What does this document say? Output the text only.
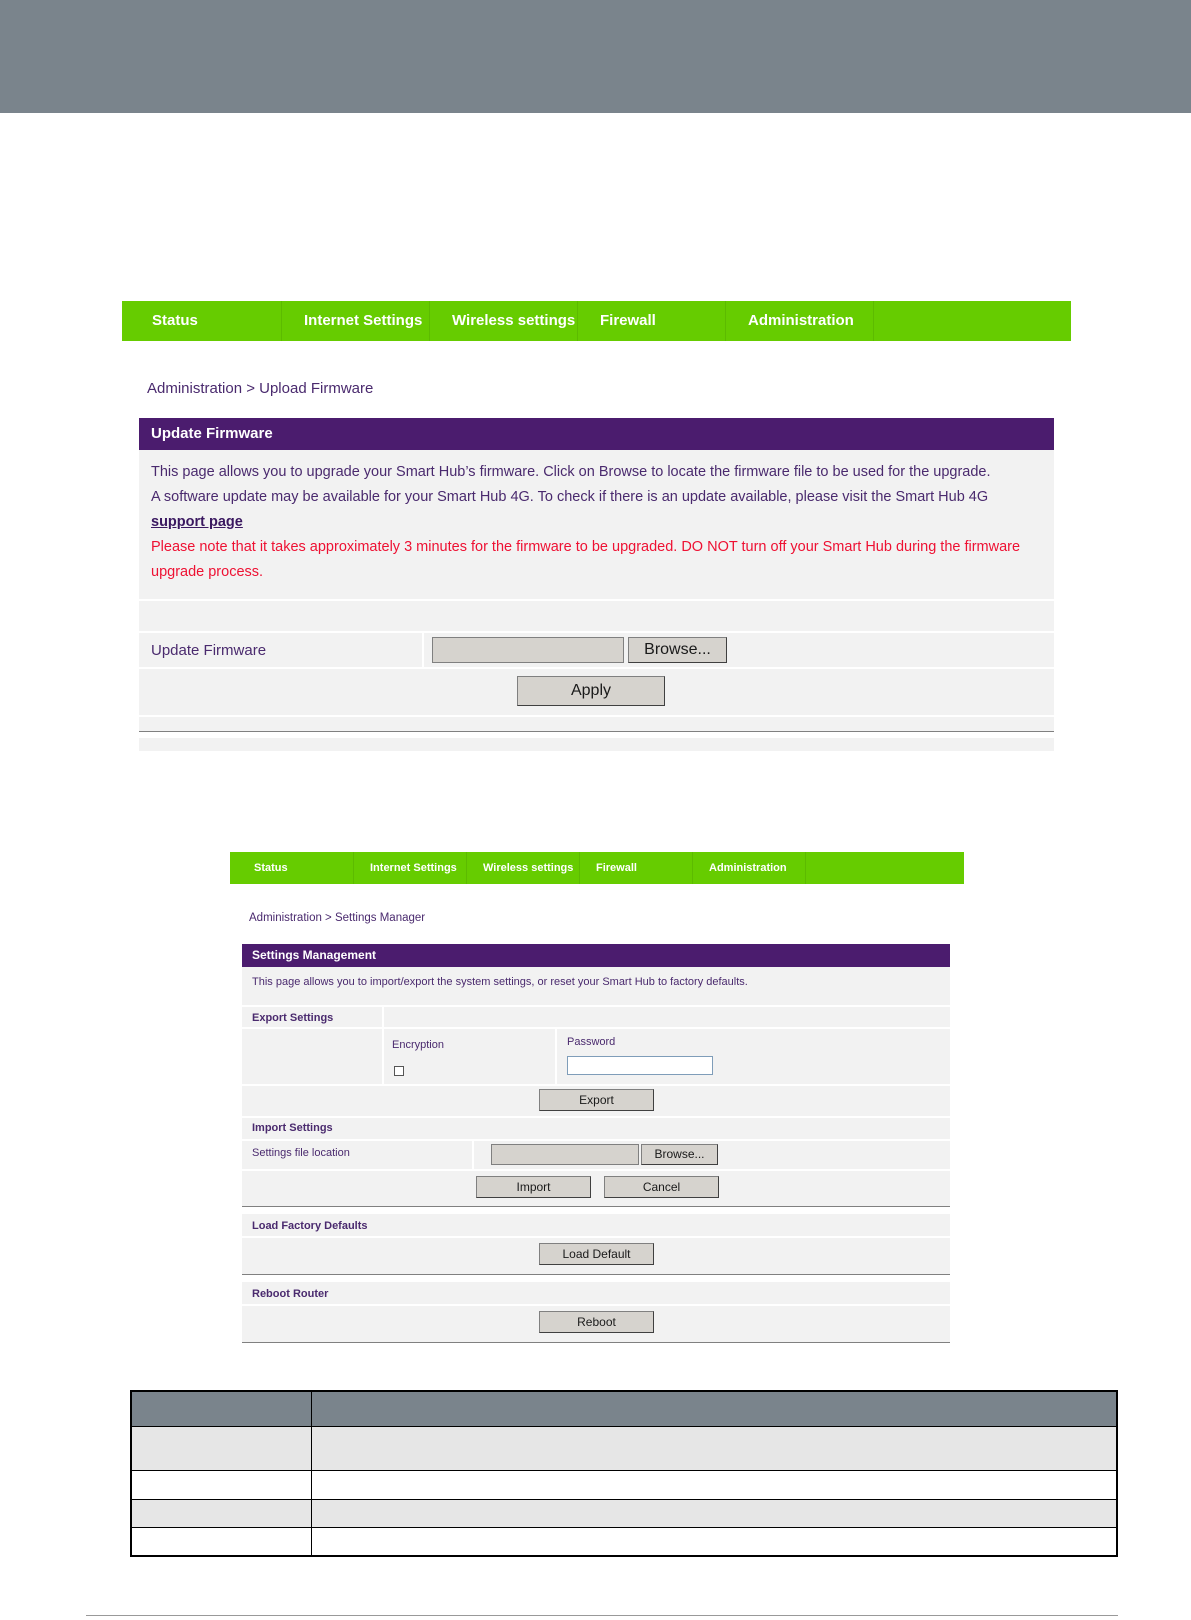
Status	Internet Settings	Wireless settings	Firewall	Administration
Administration > Upload Firmware
Update Firmware
This page allows you to upgrade your Smart Hub’s firmware. Click on Browse to locate the firmware file to be used for the upgrade.
A software update may be available for your Smart Hub 4G. To check if there is an update available, please visit the Smart Hub 4G
support page
Please note that it takes approximately 3 minutes for the firmware to be upgraded. DO NOT turn off your Smart Hub during the firmware upgrade process.
Update Firmware	Browse...
Apply
Status	Internet Settings	Wireless settings	Firewall	Administration
Administration > Settings Manager
Settings Management
This page allows you to import/export the system settings, or reset your Smart Hub to factory defaults.
Export Settings
Encryption	Password
Export
Import Settings
Settings file location	Browse...
Import	Cancel
Load Factory Defaults
Load Default
Reboot Router
Reboot
